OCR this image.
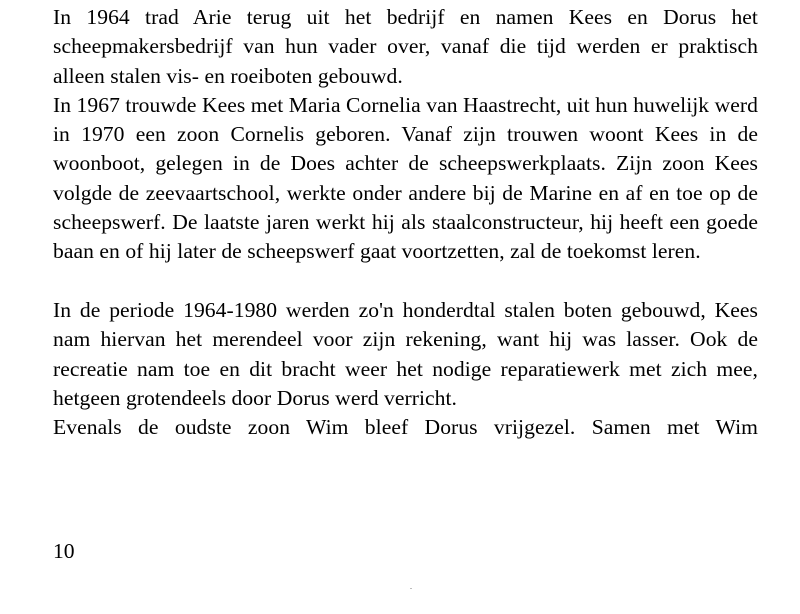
In 1964 trad Arie terug uit het bedrijf en namen Kees en Dorus het scheepmakersbedrijf van hun vader over, vanaf die tijd werden er praktisch alleen stalen vis- en roeiboten gebouwd.

In 1967 trouwde Kees met Maria Cornelia van Haastrecht, uit hun huwelijk werd in 1970 een zoon Cornelis geboren. Vanaf zijn trouwen woont Kees in de woonboot, gelegen in de Does achter de scheepswerkplaats. Zijn zoon Kees volgde de zeevaartschool, werkte onder andere bij de Marine en af en toe op de scheepswerf. De laatste jaren werkt hij als staalconstructeur, hij heeft een goede baan en of hij later de scheepswerf gaat voortzetten, zal de toekomst leren.

In de periode 1964-1980 werden zo'n honderdtal stalen boten gebouwd, Kees nam hiervan het merendeel voor zijn rekening, want hij was lasser. Ook de recreatie nam toe en dit bracht weer het nodige reparatiewerk met zich mee, hetgeen grotendeels door Dorus werd verricht.

Evenals de oudste zoon Wim bleef Dorus vrijgezel. Samen met Wim

10
